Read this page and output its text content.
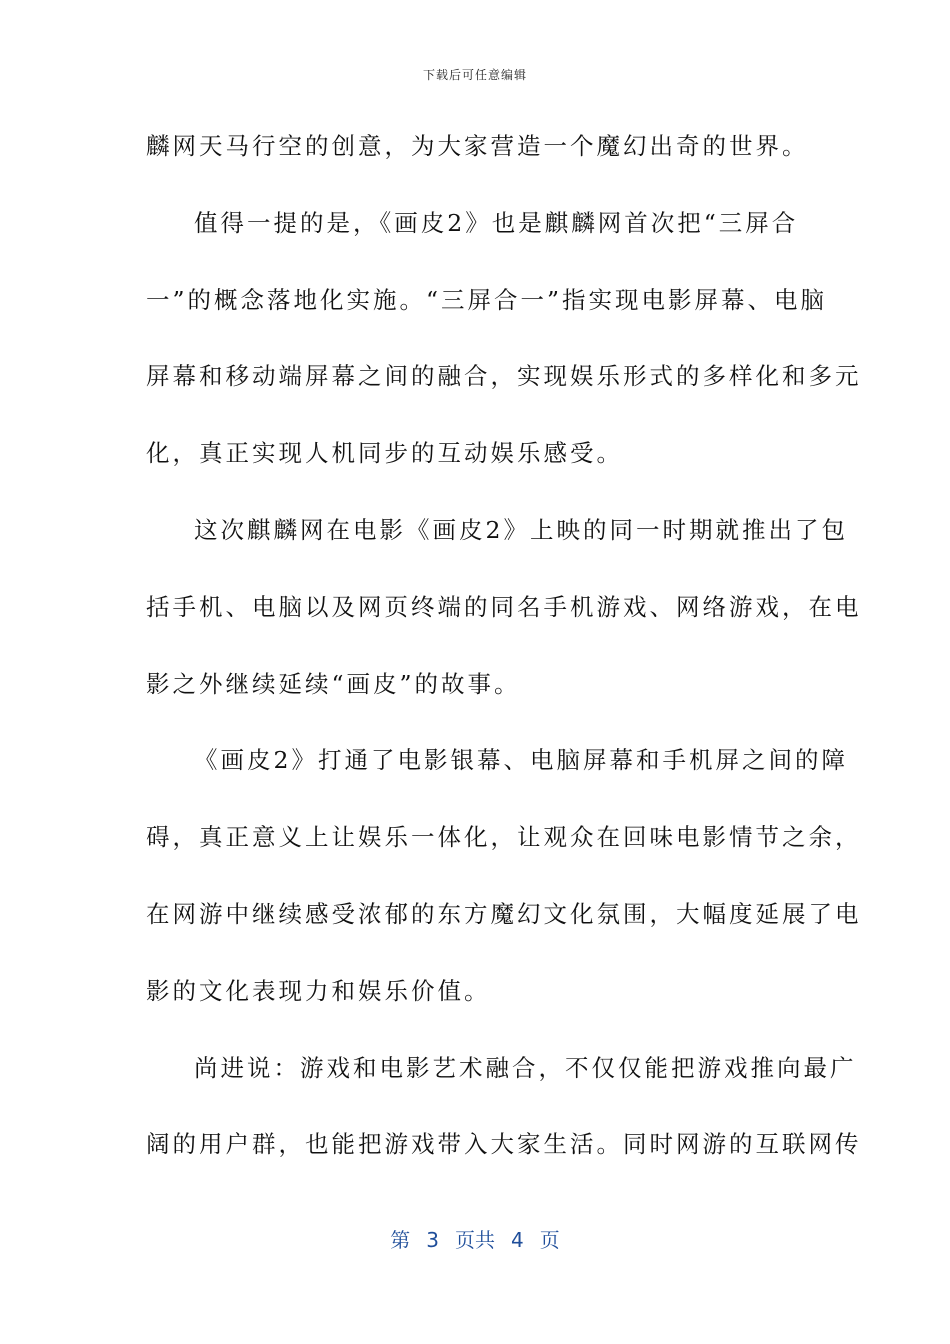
下载后可任意编辑
麟网天马行空的创意，为大家营造一个魔幻出奇的世界。
值得一提的是，《画皮2》也是麒麟网首次把“三屏合
一”的概念落地化实施。“三屏合一”指实现电影屏幕、电脑
屏幕和移动端屏幕之间的融合，实现娱乐形式的多样化和多元
化，真正实现人机同步的互动娱乐感受。
这次麒麟网在电影《画皮2》上映的同一时期就推出了包
括手机、电脑以及网页终端的同名手机游戏、网络游戏，在电
影之外继续延续“画皮”的故事。
《画皮2》打通了电影银幕、电脑屏幕和手机屏之间的障
碍，真正意义上让娱乐一体化，让观众在回味电影情节之余，
在网游中继续感受浓郁的东方魔幻文化氛围，大幅度延展了电
影的文化表现力和娱乐价值。
尚进说：游戏和电影艺术融合，不仅仅能把游戏推向最广
阔的用户群，也能把游戏带入大家生活。同时网游的互联网传
第 3 页共 4 页
